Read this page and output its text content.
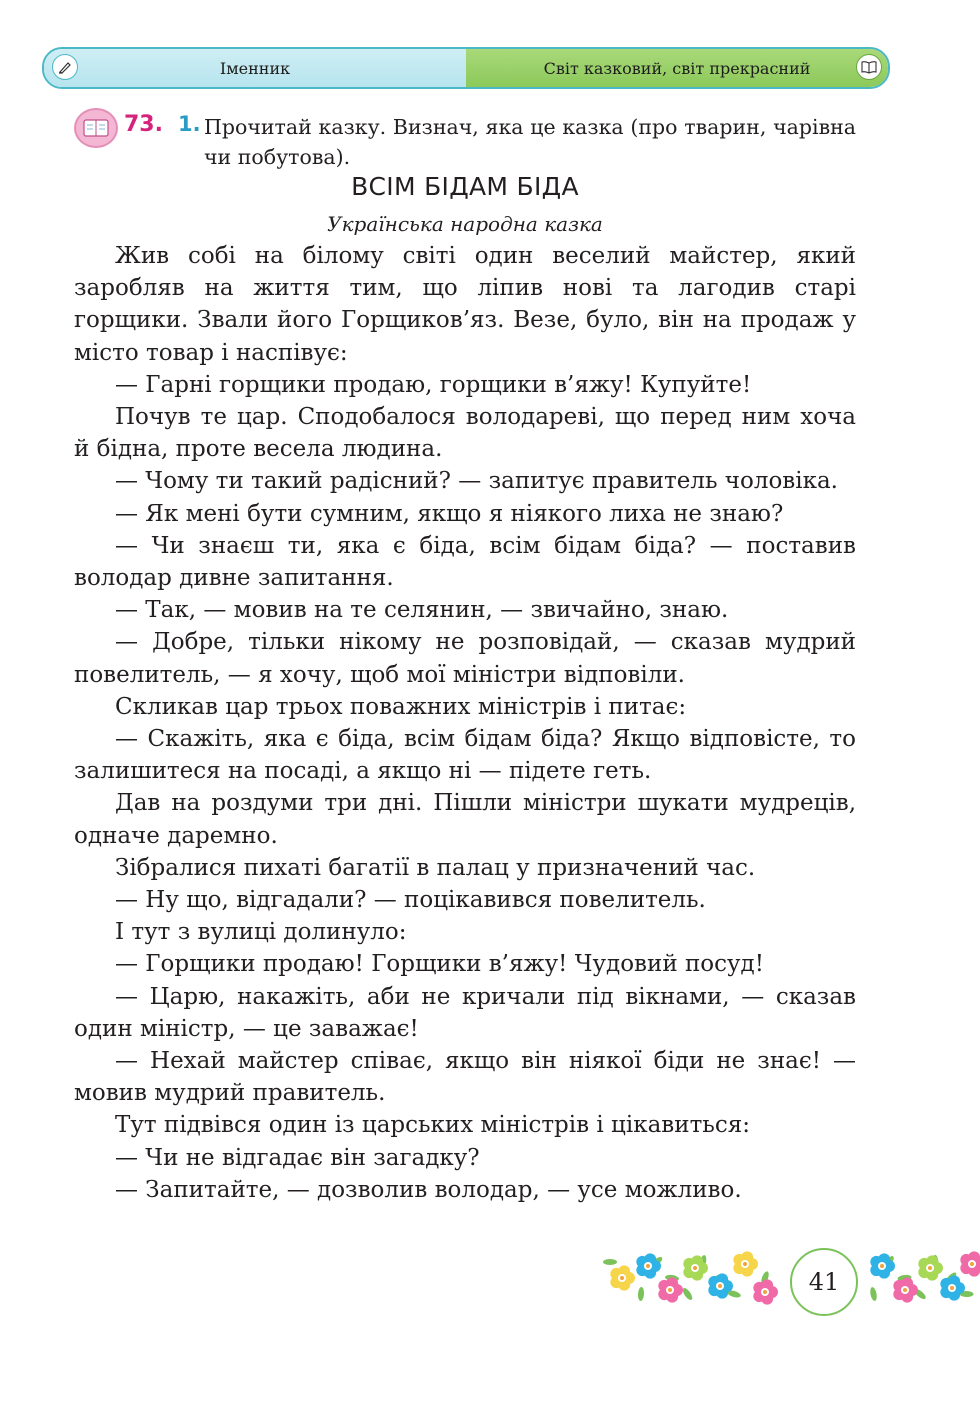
Іменник	Світ казковий, світ прекрасний
73. 1. Прочитай казку. Визнач, яка це казка (про тварин, чарівна чи побутова).
ВСІМ БІДАМ БІДА
Українська народна казка

Жив собі на білому світі один веселий майстер, який заробляв на життя тим, що ліпив нові та лагодив старі горщики. Звали його Горщиков’яз. Везе, було, він на продаж у місто товар і наспівує:

— Гарні горщики продаю, горщики в’яжу! Купуйте!

Почув те цар. Сподобалося володареві, що перед ним хоча й бідна, проте весела людина.

— Чому ти такий радісний? — запитує правитель чоловіка.

— Як мені бути сумним, якщо я ніякого лиха не знаю?

— Чи знаєш ти, яка є біда, всім бідам біда? — поставив володар дивне запитання.

— Так, — мовив на те селянин, — звичайно, знаю.

— Добре, тільки нікому не розповідай, — сказав мудрий повелитель, — я хочу, щоб мої міністри відповіли.

Скликав цар трьох поважних міністрів і питає:

— Скажіть, яка є біда, всім бідам біда? Якщо відповісте, то залишитеся на посаді, а якщо ні — підете геть.

Дав на роздуми три дні. Пішли міністри шукати мудреців, одначе даремно.

Зібралися пихаті багатії в палац у призначений час.

— Ну що, відгадали? — поцікавився повелитель.

І тут з вулиці долинуло:

— Горщики продаю! Горщики в’яжу! Чудовий посуд!

— Царю, накажіть, аби не кричали під вікнами, — сказав один міністр, — це заважає!

— Нехай майстер співає, якщо він ніякої біди не знає! — мовив мудрий правитель.

Тут підвівся один із царських міністрів і цікавиться:

— Чи не відгадає він загадку?

— Запитайте, — дозволив володар, — усе можливо.

41
